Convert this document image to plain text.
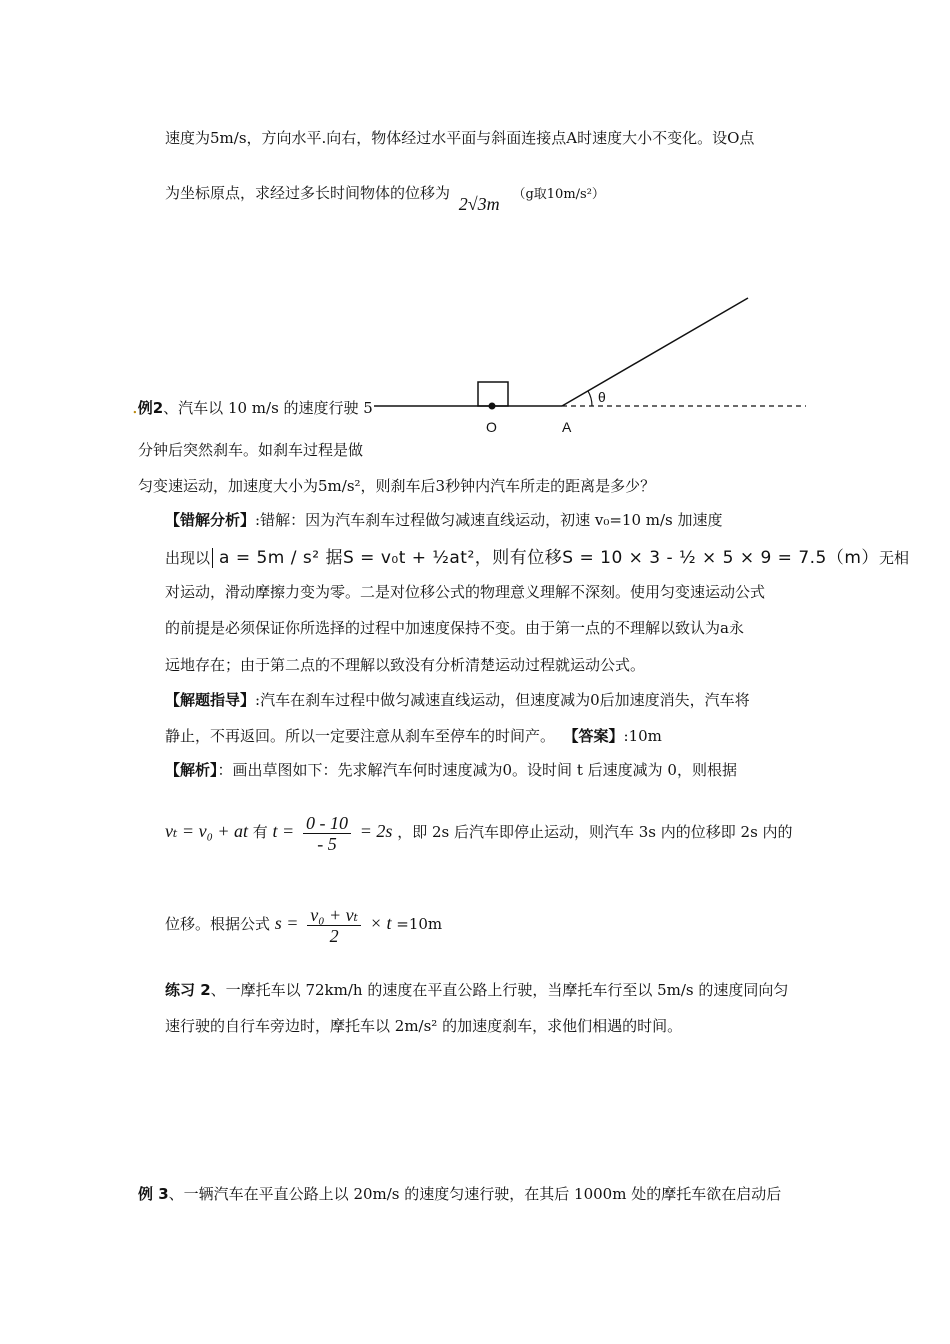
速度为5m/s，方向水平.向右，物体经过水平面与斜面连接点A时速度大小不变化。设O点
为坐标原点，求经过多长时间物体的位移为 2√3m （g取10m/s²）
O	A
θ
.例2、汽车以 10 m/s 的速度行驶 5
分钟后突然刹车。如刹车过程是做
匀变速运动，加速度大小为5m/s²，则刹车后3秒钟内汽车所走的距离是多少？
【错解分析】:错解：因为汽车刹车过程做匀减速直线运动，初速 v₀=10 m/s 加速度
出现以 a = 5m / s² 据S = v₀t + ½at²，则有位移S = 10 × 3 - ½ × 5 × 9 = 7.5（m）无相
对运动，滑动摩擦力变为零。二是对位移公式的物理意义理解不深刻。使用匀变速运动公式
的前提是必须保证你所选择的过程中加速度保持不变。由于第一点的不理解以致认为a永
远地存在；由于第二点的不理解以致没有分析清楚运动过程就运动公式。
【解题指导】:汽车在刹车过程中做匀减速直线运动，但速度减为0后加速度消失，汽车将
静止，不再返回。所以一定要注意从刹车至停车的时间产。 【答案】:10m
【解析】：画出草图如下：先求解汽车何时速度减为0。设时间 t 后速度减为 0，则根据
vₜ = v₀ + at 有 $t = \frac{0 - 10}{- 5} = 2s$ ，即 2s 后汽车即停止运动，则汽车 3s 内的位移即 2s 内的
位移。根据公式 $s = \frac{\text{v₀ + vₜ}}{2} \times t =10m$
练习 2、一摩托车以 72km/h 的速度在平直公路上行驶，当摩托车行至以 5m/s 的速度同向匀
速行驶的自行车旁边时，摩托车以 2m/s² 的加速度刹车，求他们相遇的时间。
例 3、一辆汽车在平直公路上以 20m/s 的速度匀速行驶，在其后 1000m 处的摩托车欲在启动后
